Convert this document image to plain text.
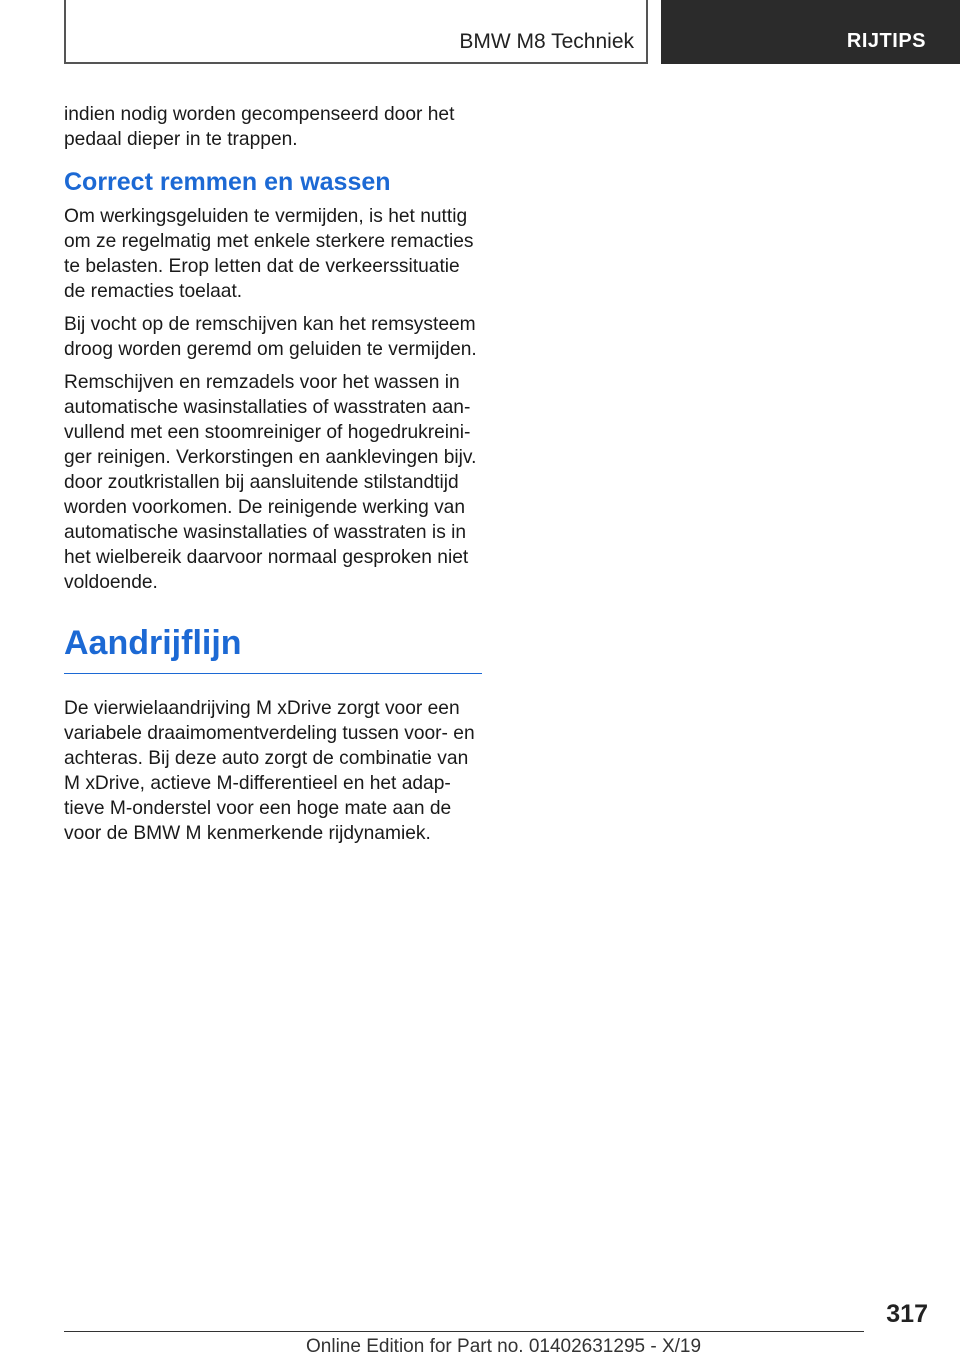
BMW M8 Techniek	RIJTIPS

indien nodig worden gecompenseerd door het pedaal dieper in te trappen.

Correct remmen en wassen

Om werkingsgeluiden te vermijden, is het nuttig om ze regelmatig met enkele sterkere remacties te belasten. Erop letten dat de verkeerssituatie de remacties toelaat.

Bij vocht op de remschijven kan het remsysteem droog worden geremd om geluiden te vermijden.

Remschijven en remzadels voor het wassen in automatische wasinstallaties of wasstraten aan-vullend met een stoomreiniger of hogedrukreini-ger reinigen. Verkorstingen en aanklevingen bijv. door zoutkristallen bij aansluitende stilstandtijd worden voorkomen. De reinigende werking van automatische wasinstallaties of wasstraten is in het wielbereik daarvoor normaal gesproken niet voldoende.

Aandrijflijn

De vierwielaandrijving M xDrive zorgt voor een variabele draaimomentverdeling tussen voor- en achteras. Bij deze auto zorgt de combinatie van M xDrive, actieve M-differentieel en het adap-tieve M-onderstel voor een hoge mate aan de voor de BMW M kenmerkende rijdynamiek.

317
Online Edition for Part no. 01402631295 - X/19
